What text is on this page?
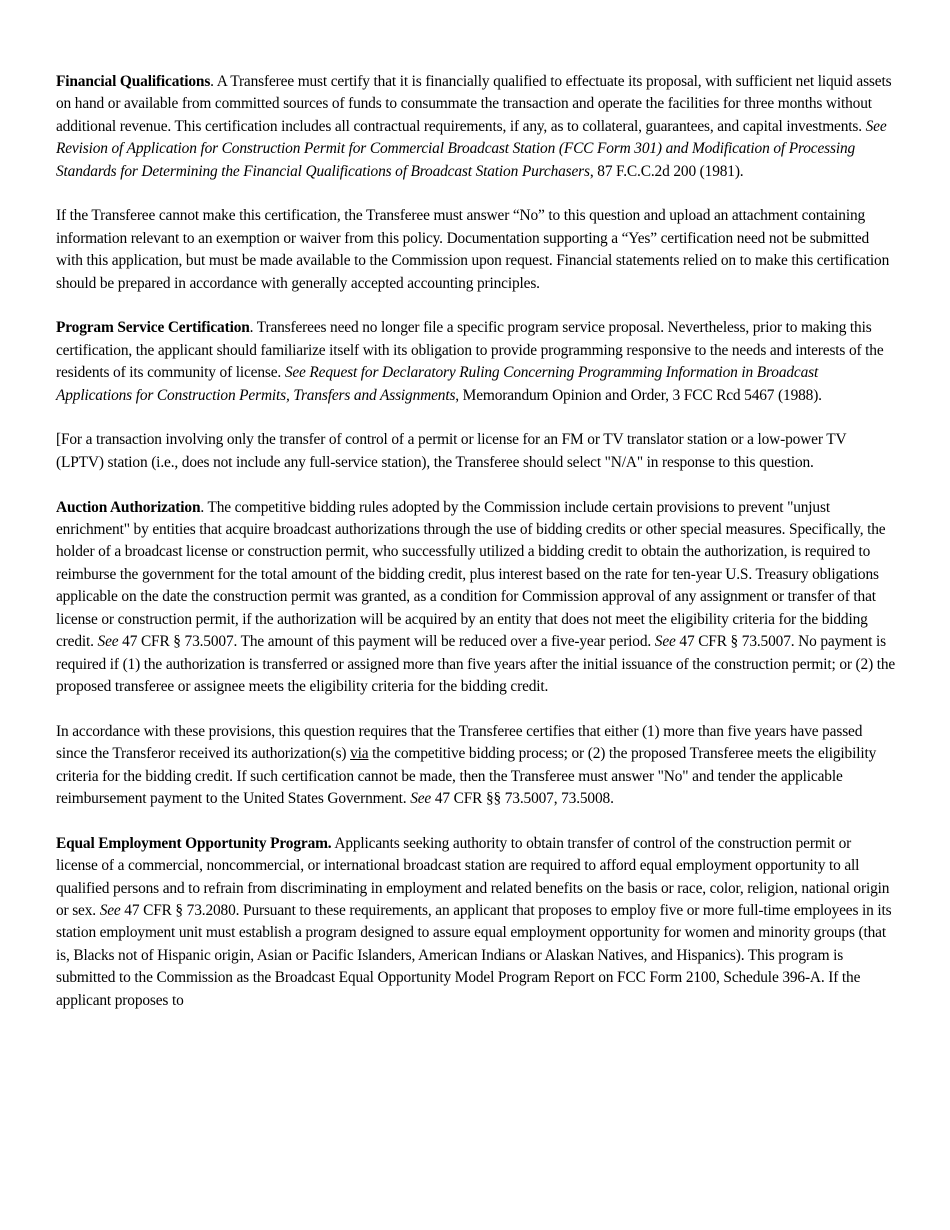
Financial Qualifications. A Transferee must certify that it is financially qualified to effectuate its proposal, with sufficient net liquid assets on hand or available from committed sources of funds to consummate the transaction and operate the facilities for three months without additional revenue. This certification includes all contractual requirements, if any, as to collateral, guarantees, and capital investments. See Revision of Application for Construction Permit for Commercial Broadcast Station (FCC Form 301) and Modification of Processing Standards for Determining the Financial Qualifications of Broadcast Station Purchasers, 87 F.C.C.2d 200 (1981).

If the Transferee cannot make this certification, the Transferee must answer “No” to this question and upload an attachment containing information relevant to an exemption or waiver from this policy. Documentation supporting a “Yes” certification need not be submitted with this application, but must be made available to the Commission upon request. Financial statements relied on to make this certification should be prepared in accordance with generally accepted accounting principles.

Program Service Certification. Transferees need no longer file a specific program service proposal. Nevertheless, prior to making this certification, the applicant should familiarize itself with its obligation to provide programming responsive to the needs and interests of the residents of its community of license. See Request for Declaratory Ruling Concerning Programming Information in Broadcast Applications for Construction Permits, Transfers and Assignments, Memorandum Opinion and Order, 3 FCC Rcd 5467 (1988).

[For a transaction involving only the transfer of control of a permit or license for an FM or TV translator station or a low-power TV (LPTV) station (i.e., does not include any full-service station), the Transferee should select "N/A" in response to this question.

Auction Authorization. The competitive bidding rules adopted by the Commission include certain provisions to prevent "unjust enrichment" by entities that acquire broadcast authorizations through the use of bidding credits or other special measures. Specifically, the holder of a broadcast license or construction permit, who successfully utilized a bidding credit to obtain the authorization, is required to reimburse the government for the total amount of the bidding credit, plus interest based on the rate for ten-year U.S. Treasury obligations applicable on the date the construction permit was granted, as a condition for Commission approval of any assignment or transfer of that license or construction permit, if the authorization will be acquired by an entity that does not meet the eligibility criteria for the bidding credit. See 47 CFR § 73.5007. The amount of this payment will be reduced over a five-year period. See 47 CFR § 73.5007. No payment is required if (1) the authorization is transferred or assigned more than five years after the initial issuance of the construction permit; or (2) the proposed transferee or assignee meets the eligibility criteria for the bidding credit.

In accordance with these provisions, this question requires that the Transferee certifies that either (1) more than five years have passed since the Transferor received its authorization(s) via the competitive bidding process; or (2) the proposed Transferee meets the eligibility criteria for the bidding credit. If such certification cannot be made, then the Transferee must answer "No" and tender the applicable reimbursement payment to the United States Government. See 47 CFR §§ 73.5007, 73.5008.

Equal Employment Opportunity Program. Applicants seeking authority to obtain transfer of control of the construction permit or license of a commercial, noncommercial, or international broadcast station are required to afford equal employment opportunity to all qualified persons and to refrain from discriminating in employment and related benefits on the basis or race, color, religion, national origin or sex. See 47 CFR § 73.2080. Pursuant to these requirements, an applicant that proposes to employ five or more full-time employees in its station employment unit must establish a program designed to assure equal employment opportunity for women and minority groups (that is, Blacks not of Hispanic origin, Asian or Pacific Islanders, American Indians or Alaskan Natives, and Hispanics). This program is submitted to the Commission as the Broadcast Equal Opportunity Model Program Report on FCC Form 2100, Schedule 396-A. If the applicant proposes to
